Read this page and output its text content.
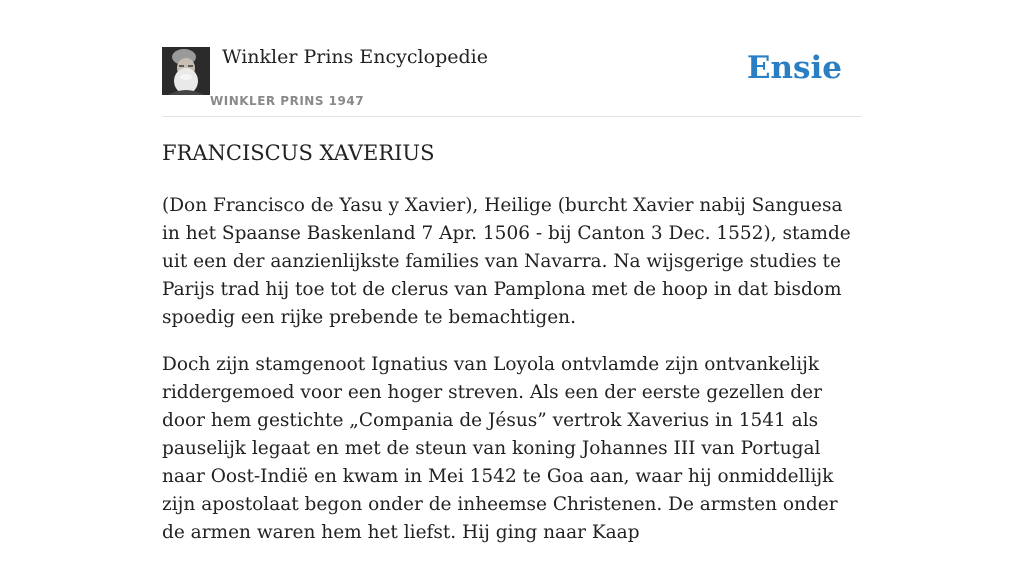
Winkler Prins Encyclopedie
WINKLER PRINS 1947
Ensie
FRANCISCUS XAVERIUS

(Don Francisco de Yasu y Xavier), Heilige (burcht Xavier nabij Sanguesa in het Spaanse Baskenland 7 Apr. 1506 - bij Canton 3 Dec. 1552), stamde uit een der aanzienlijkste families van Navarra. Na wijsgerige studies te Parijs trad hij toe tot de clerus van Pamplona met de hoop in dat bisdom spoedig een rijke prebende te bemachtigen.

Doch zijn stamgenoot Ignatius van Loyola ontvlamde zijn ontvankelijk riddergemoed voor een hoger streven. Als een der eerste gezellen der door hem gestichte „Compania de Jésus” vertrok Xaverius in 1541 als pauselijk legaat en met de steun van koning Johannes III van Portugal naar Oost-Indië en kwam in Mei 1542 te Goa aan, waar hij onmiddellijk zijn apostolaat begon onder de inheemse Christenen. De armsten onder de armen waren hem het liefst. Hij ging naar Kaap
